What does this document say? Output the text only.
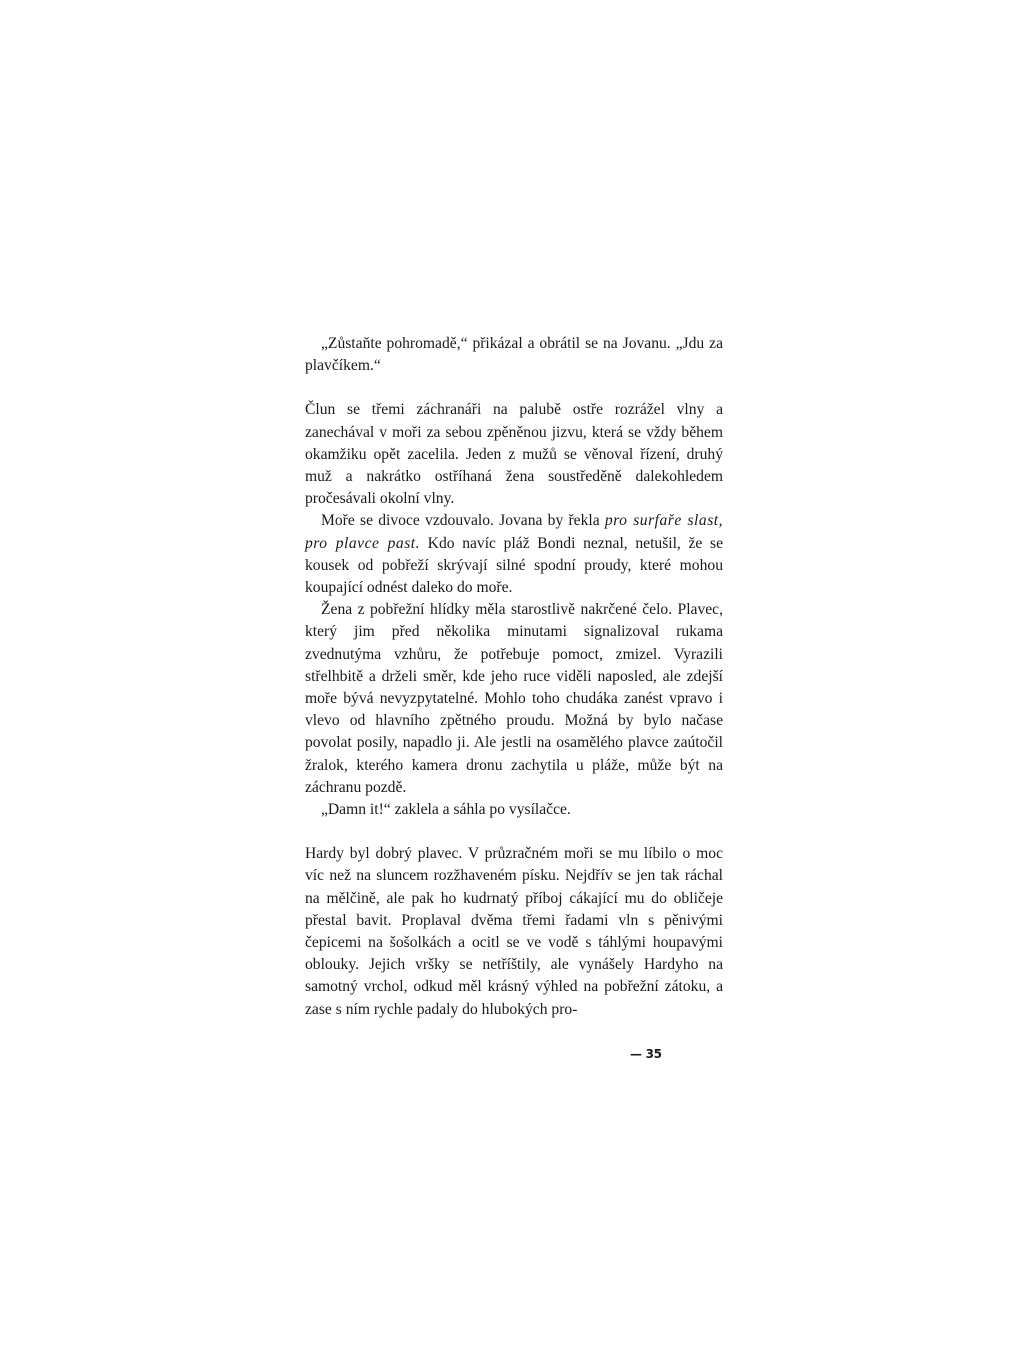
„Zůstaňte pohromadě,“ přikázal a obrátil se na Jovanu. „Jdu za plavčíkem.“

Člun se třemi záchranáři na palubě ostře rozrážel vlny a zanechával v moři za sebou zpěněnou jizvu, která se vždy během okamžiku opět zacelila. Jeden z mužů se věnoval řízení, druhý muž a nakrátko ostříhaná žena soustředěně dalekohledem pročesávali okolní vlny.

Moře se divoce vzdouvalo. Jovana by řekla pro surfaře slast, pro plavce past. Kdo navíc pláž Bondi neznal, netušil, že se kousek od pobřeží skrývají silné spodní proudy, které mohou koupající odnést daleko do moře.

Žena z pobřežní hlídky měla starostlivě nakrčené čelo. Plavec, který jim před několika minutami signalizoval rukama zvednutýma vzhůru, že potřebuje pomoct, zmizel. Vyrazili střelhbitě a drželi směr, kde jeho ruce viděli naposled, ale zdejší moře bývá nevyzpytatelné. Mohlo toho chudáka zanést vpravo i vlevo od hlavního zpětného proudu. Možná by bylo načase povolat posily, napadlo ji. Ale jestli na osamělého plavce zaútočil žralok, kterého kamera dronu zachytila u pláže, může být na záchranu pozdě.

„Damn it!“ zaklela a sáhla po vysílačce.

Hardy byl dobrý plavec. V průzračném moři se mu líbilo o moc víc než na sluncem rozžhaveném písku. Nejdřív se jen tak ráchal na mělčině, ale pak ho kudrnatý příboj cákající mu do obličeje přestal bavit. Proplaval dvěma třemi řadami vln s pěnivými čepicemi na šošolkách a ocitl se ve vodě s táhlými houpavými oblouky. Jejich vršky se netříštily, ale vynášely Hardyho na samotný vrchol, odkud měl krásný výhled na pobřežní zátoku, a zase s ním rychle padaly do hlubokých pro-

— 35
